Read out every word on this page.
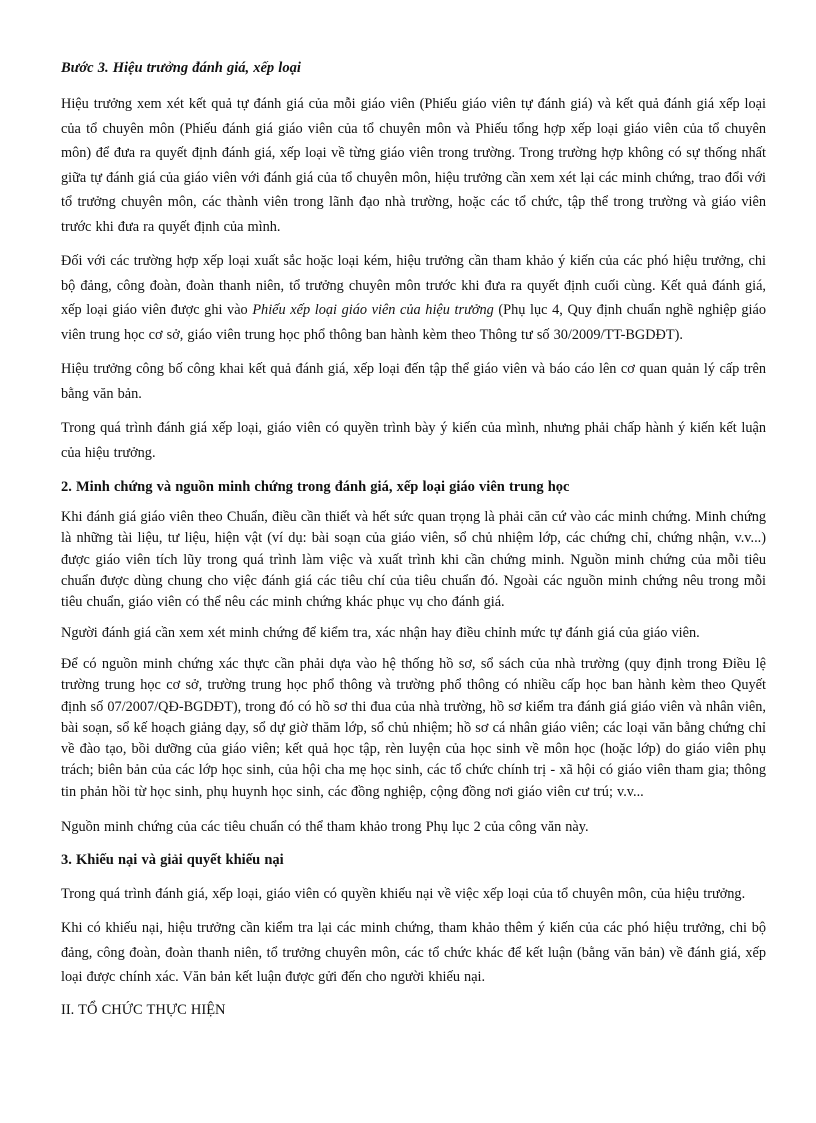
Bước 3. Hiệu trưởng đánh giá, xếp loại

Hiệu trưởng xem xét kết quả tự đánh giá của mỗi giáo viên (Phiếu giáo viên tự đánh giá) và kết quả đánh giá xếp loại của tổ chuyên môn (Phiếu đánh giá giáo viên của tổ chuyên môn và Phiếu tổng hợp xếp loại giáo viên của tổ chuyên môn) để đưa ra quyết định đánh giá, xếp loại về từng giáo viên trong trường. Trong trường hợp không có sự thống nhất giữa tự đánh giá của giáo viên với đánh giá của tổ chuyên môn, hiệu trưởng cần xem xét lại các minh chứng, trao đổi với tổ trưởng chuyên môn, các thành viên trong lãnh đạo nhà trường, hoặc các tổ chức, tập thể trong trường và giáo viên trước khi đưa ra quyết định của mình.

Đối với các trường hợp xếp loại xuất sắc hoặc loại kém, hiệu trưởng cần tham khảo ý kiến của các phó hiệu trưởng, chi bộ đảng, công đoàn, đoàn thanh niên, tổ trưởng chuyên môn trước khi đưa ra quyết định cuối cùng. Kết quả đánh giá, xếp loại giáo viên được ghi vào Phiếu xếp loại giáo viên của hiệu trưởng (Phụ lục 4, Quy định chuẩn nghề nghiệp giáo viên trung học cơ sở, giáo viên trung học phổ thông ban hành kèm theo Thông tư số 30/2009/TT-BGDĐT).

Hiệu trưởng công bố công khai kết quả đánh giá, xếp loại đến tập thể giáo viên và báo cáo lên cơ quan quản lý cấp trên bằng văn bản.

Trong quá trình đánh giá xếp loại, giáo viên có quyền trình bày ý kiến của mình, nhưng phải chấp hành ý kiến kết luận của hiệu trưởng.

2. Minh chứng và nguồn minh chứng trong đánh giá, xếp loại giáo viên trung học

Khi đánh giá giáo viên theo Chuẩn, điều cần thiết và hết sức quan trọng là phải căn cứ vào các minh chứng. Minh chứng là những tài liệu, tư liệu, hiện vật (ví dụ: bài soạn của giáo viên, sổ chủ nhiệm lớp, các chứng chỉ, chứng nhận, v.v...) được giáo viên tích lũy trong quá trình làm việc và xuất trình khi cần chứng minh. Nguồn minh chứng của mỗi tiêu chuẩn được dùng chung cho việc đánh giá các tiêu chí của tiêu chuẩn đó. Ngoài các nguồn minh chứng nêu trong mỗi tiêu chuẩn, giáo viên có thể nêu các minh chứng khác phục vụ cho đánh giá.

Người đánh giá cần xem xét minh chứng để kiểm tra, xác nhận hay điều chỉnh mức tự đánh giá của giáo viên.

Để có nguồn minh chứng xác thực cần phải dựa vào hệ thống hồ sơ, sổ sách của nhà trường (quy định trong Điều lệ trường trung học cơ sở, trường trung học phổ thông và trường phổ thông có nhiều cấp học ban hành kèm theo Quyết định số 07/2007/QĐ-BGDĐT), trong đó có hồ sơ thi đua của nhà trường, hồ sơ kiểm tra đánh giá giáo viên và nhân viên, bài soạn, sổ kế hoạch giảng dạy, sổ dự giờ thăm lớp, sổ chủ nhiệm; hồ sơ cá nhân giáo viên; các loại văn bằng chứng chỉ về đào tạo, bồi dưỡng của giáo viên; kết quả học tập, rèn luyện của học sinh về môn học (hoặc lớp) do giáo viên phụ trách; biên bản của các lớp học sinh, của hội cha mẹ học sinh, các tổ chức chính trị - xã hội có giáo viên tham gia; thông tin phản hồi từ học sinh, phụ huynh học sinh, các đồng nghiệp, cộng đồng nơi giáo viên cư trú; v.v...

Nguồn minh chứng của các tiêu chuẩn có thể tham khảo trong Phụ lục 2 của công văn này.

3. Khiếu nại và giải quyết khiếu nại

Trong quá trình đánh giá, xếp loại, giáo viên có quyền khiếu nại về việc xếp loại của tổ chuyên môn, của hiệu trưởng.

Khi có khiếu nại, hiệu trưởng cần kiểm tra lại các minh chứng, tham khảo thêm ý kiến của các phó hiệu trưởng, chi bộ đảng, công đoàn, đoàn thanh niên, tổ trưởng chuyên môn, các tổ chức khác để kết luận (bằng văn bản) về đánh giá, xếp loại được chính xác. Văn bản kết luận được gửi đến cho người khiếu nại.

II. TỔ CHỨC THỰC HIỆN
